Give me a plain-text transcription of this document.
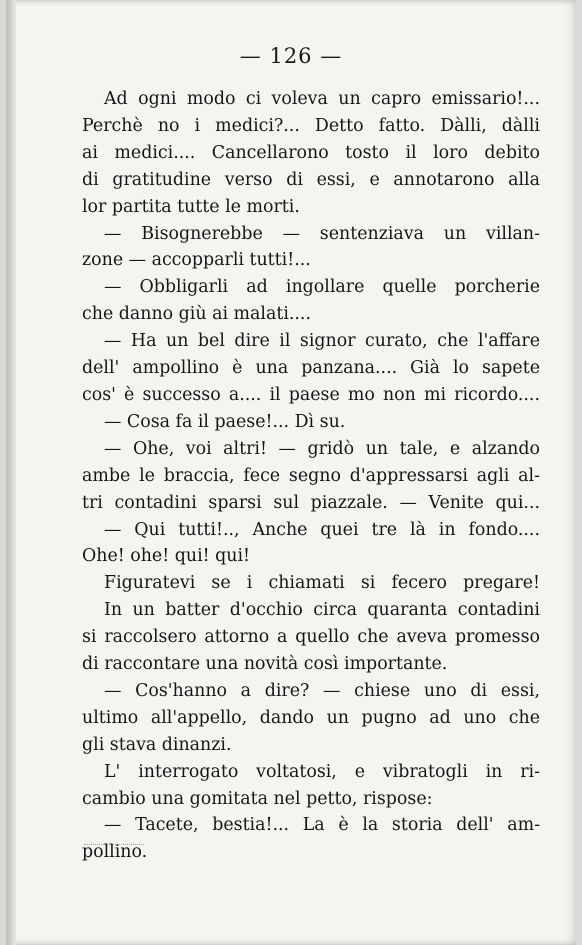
— 126 —
Ad ogni modo ci voleva un capro emissario!...
Perchè no i medici?... Detto fatto. Dàlli, dàlli
ai medici.... Cancellarono tosto il loro debito
di gratitudine verso di essi, e annotarono alla
lor partita tutte le morti.
— Bisognerebbe — sentenziava un villan-
zone — accopparli tutti!...
— Obbligarli ad ingollare quelle porcherie
che danno giù ai malati....
— Ha un bel dire il signor curato, che l'affare
dell' ampollino è una panzana.... Già lo sapete
cos' è successo a.... il paese mo non mi ricordo....
— Cosa fa il paese!... Dì su.
— Ohe, voi altri! — gridò un tale, e alzando
ambe le braccia, fece segno d'appressarsi agli al-
tri contadini sparsi sul piazzale. — Venite qui...
— Qui tutti!.., Anche quei tre là in fondo....
Ohe! ohe! qui! qui!
Figuratevi se i chiamati si fecero pregare!
In un batter d'occhio circa quaranta contadini
si raccolsero attorno a quello che aveva promesso
di raccontare una novità così importante.
— Cos'hanno a dire? — chiese uno di essi,
ultimo all'appello, dando un pugno ad uno che
gli stava dinanzi.
L' interrogato voltatosi, e vibratogli in ri-
cambio una gomitata nel petto, rispose:
— Tacete, bestia!... La è la storia dell' am-
pollino.
